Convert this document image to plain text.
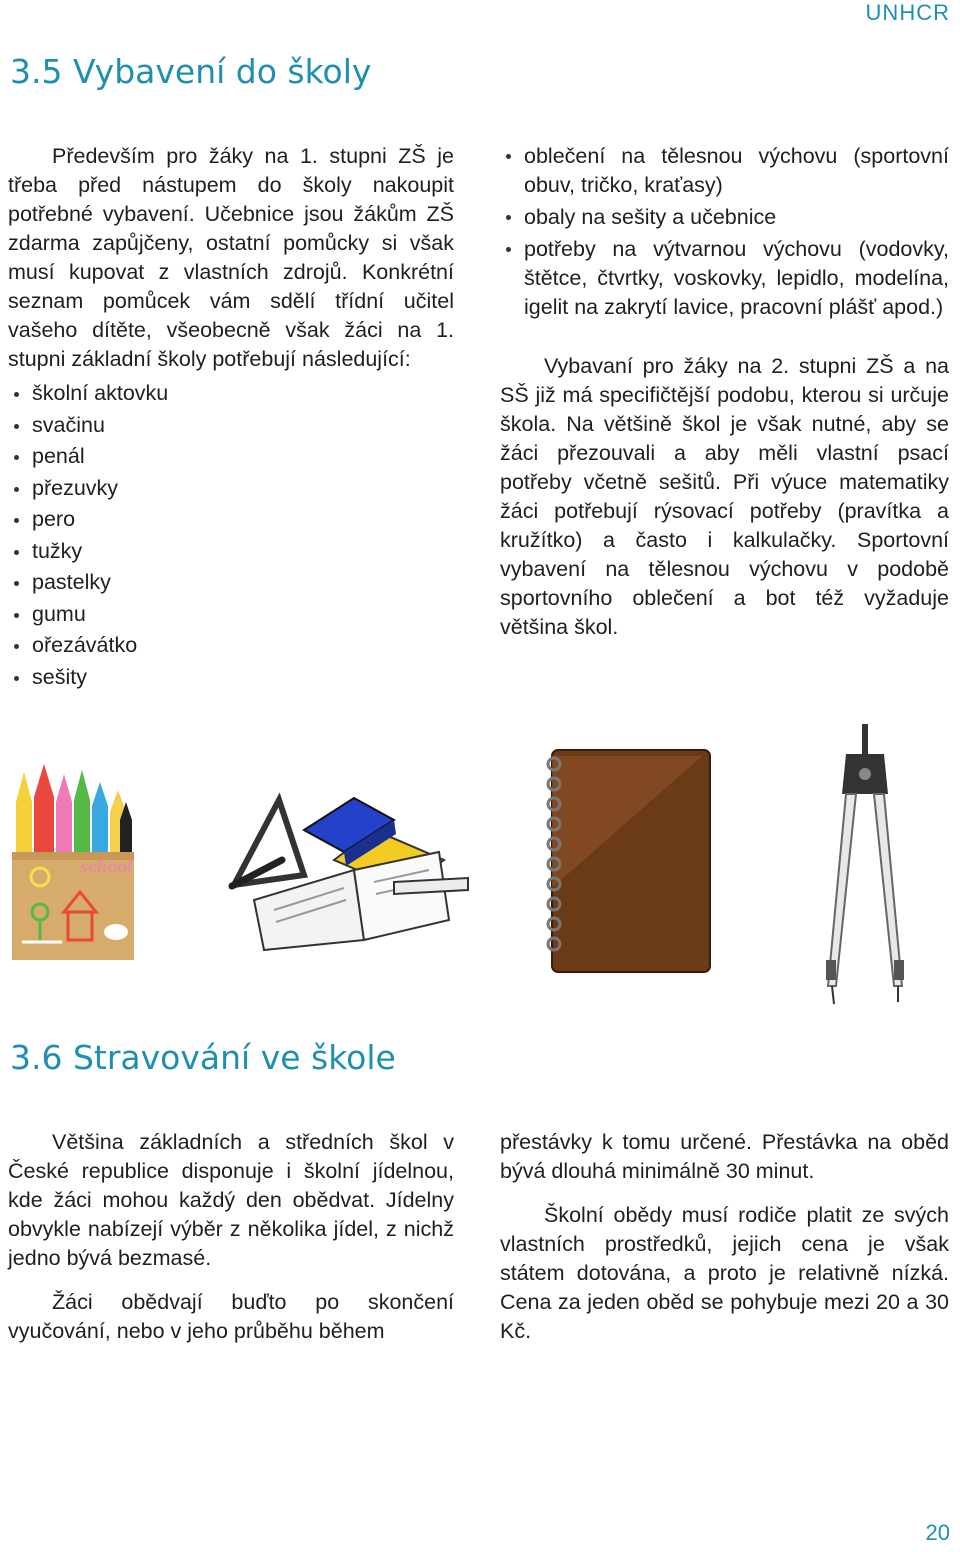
UNHCR
3.5 Vybavení do školy

Především pro žáky na 1. stupni ZŠ je třeba před nástupem do školy nakoupit potřebné vybavení. Učebnice jsou žákům ZŠ zdarma zapůjčeny, ostatní pomůcky si však musí kupovat z vlastních zdrojů. Konkrétní seznam pomůcek vám sdělí třídní učitel vašeho dítěte, všeobecně však žáci na 1. stupni základní školy potřebují následující:

školní aktovku
svačinu
penál
přezuvky
pero
tužky
pastelky
gumu
ořezávátko
sešity
oblečení na tělesnou výchovu (sportovní obuv, tričko, kraťasy)
obaly na sešity a učebnice
potřeby na výtvarnou výchovu (vodovky, štětce, čtvrtky, voskovky, lepidlo, modelína, igelit na zakrytí lavice, pracovní plášť apod.)

Vybavaní pro žáky na 2. stupni ZŠ a na SŠ již má specifičtější podobu, kterou si určuje škola. Na většině škol je však nutné, aby se žáci přezouvali a aby měli vlastní psací potřeby včetně sešitů. Při výuce matematiky žáci potřebují rýsovací potřeby (pravítka a kružítko) a často i kalkulačky. Sportovní vybavení na tělesnou výchovu v podobě sportovního oblečení a bot též vyžaduje většina škol.

school
3.6 Stravování ve škole

Většina základních a středních škol v České republice disponuje i školní jídelnou, kde žáci mohou každý den obědvat. Jídelny obvykle nabízejí výběr z několika jídel, z nichž jedno bývá bezmasé.

Žáci obědvají buďto po skončení vyučování, nebo v jeho průběhu během

přestávky k tomu určené. Přestávka na oběd bývá dlouhá minimálně 30 minut.

Školní obědy musí rodiče platit ze svých vlastních prostředků, jejich cena je však státem dotována, a proto je relativně nízká. Cena za jeden oběd se pohybuje mezi 20 a 30 Kč.

20
